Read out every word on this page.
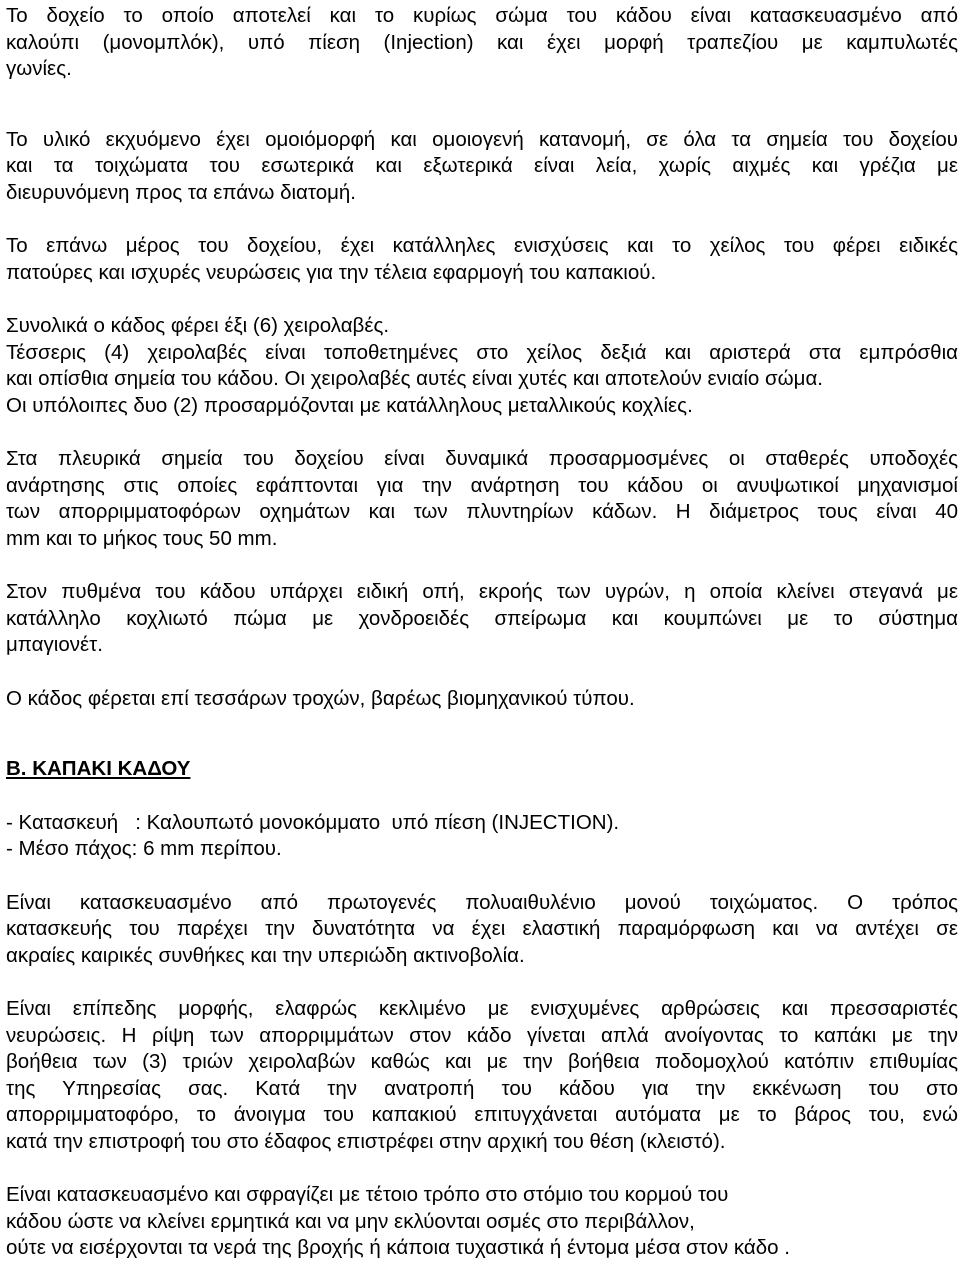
Το δοχείο το οποίο αποτελεί και το κυρίως σώμα του κάδου είναι κατασκευασμένο από
καλούπι (μονομπλόκ), υπό πίεση (Injection) και έχει μορφή τραπεζίου με καμπυλωτές
γωνίες.

Το υλικό εκχυόμενο έχει ομοιόμορφή και ομοιογενή κατανομή, σε όλα τα σημεία του δοχείου
και τα τοιχώματα του εσωτερικά και εξωτερικά είναι λεία, χωρίς αιχμές και γρέζια με
διευρυνόμενη προς τα επάνω διατομή.

Το επάνω μέρος του δοχείου, έχει κατάλληλες ενισχύσεις και το χείλος του φέρει ειδικές
πατούρες και ισχυρές νευρώσεις για την τέλεια εφαρμογή του καπακιού.

Συνολικά ο κάδος φέρει έξι (6) χειρολαβές.
Τέσσερις (4) χειρολαβές είναι τοποθετημένες στο χείλος δεξιά και αριστερά στα εμπρόσθια
και οπίσθια σημεία του κάδου. Οι χειρολαβές αυτές είναι χυτές και αποτελούν ενιαίο σώμα.
Οι υπόλοιπες δυο (2) προσαρμόζονται με κατάλληλους μεταλλικούς κοχλίες.

Στα πλευρικά σημεία του δοχείου είναι δυναμικά προσαρμοσμένες οι σταθερές υποδοχές
ανάρτησης στις οποίες εφάπτονται για την ανάρτηση του κάδου οι ανυψωτικοί μηχανισμοί
των απορριμματοφόρων οχημάτων και των πλυντηρίων κάδων. Η διάμετρος τους είναι 40
mm και το μήκος τους 50 mm.

Στον πυθμένα του κάδου υπάρχει ειδική οπή, εκροής των υγρών, η οποία κλείνει στεγανά με
κατάλληλο κοχλιωτό πώμα με χονδροειδές σπείρωμα και κουμπώνει με το σύστημα
μπαγιονέτ.

Ο κάδος φέρεται επί τεσσάρων τροχών, βαρέως βιομηχανικού τύπου.

Β. ΚΑΠΑΚΙ ΚΑΔΟΥ

- Κατασκευή   : Καλουπωτό μονοκόμματο  υπό πίεση (INJECTION).
- Μέσο πάχος: 6 mm περίπου.

Είναι κατασκευασμένο από πρωτογενές πολυαιθυλένιο μονού τοιχώματος. Ο τρόπος
κατασκευής του παρέχει την δυνατότητα να έχει ελαστική παραμόρφωση και να αντέχει σε
ακραίες καιρικές συνθήκες και την υπεριώδη ακτινοβολία.

Είναι επίπεδης μορφής, ελαφρώς κεκλιμένο με ενισχυμένες αρθρώσεις και πρεσσαριστές
νευρώσεις. Η ρίψη των απορριμμάτων στον κάδο γίνεται απλά ανοίγοντας το καπάκι με την
βοήθεια των (3) τριών χειρολαβών καθώς και με την βοήθεια ποδομοχλού κατόπιν επιθυμίας
της Υπηρεσίας σας. Κατά την ανατροπή του κάδου για την εκκένωση του στο
απορριμματοφόρο, το άνοιγμα του καπακιού επιτυγχάνεται αυτόματα με το βάρος του, ενώ
κατά την επιστροφή του στο έδαφος επιστρέφει στην αρχική του θέση (κλειστό).

Είναι κατασκευασμένο και σφραγίζει με τέτοιο τρόπο στο στόμιο του κορμού του
κάδου ώστε να κλείνει ερμητικά και να μην εκλύονται οσμές στο περιβάλλον,
ούτε να εισέρχονται τα νερά της βροχής ή κάποια τυχαστικά ή έντομα μέσα στον κάδο .
